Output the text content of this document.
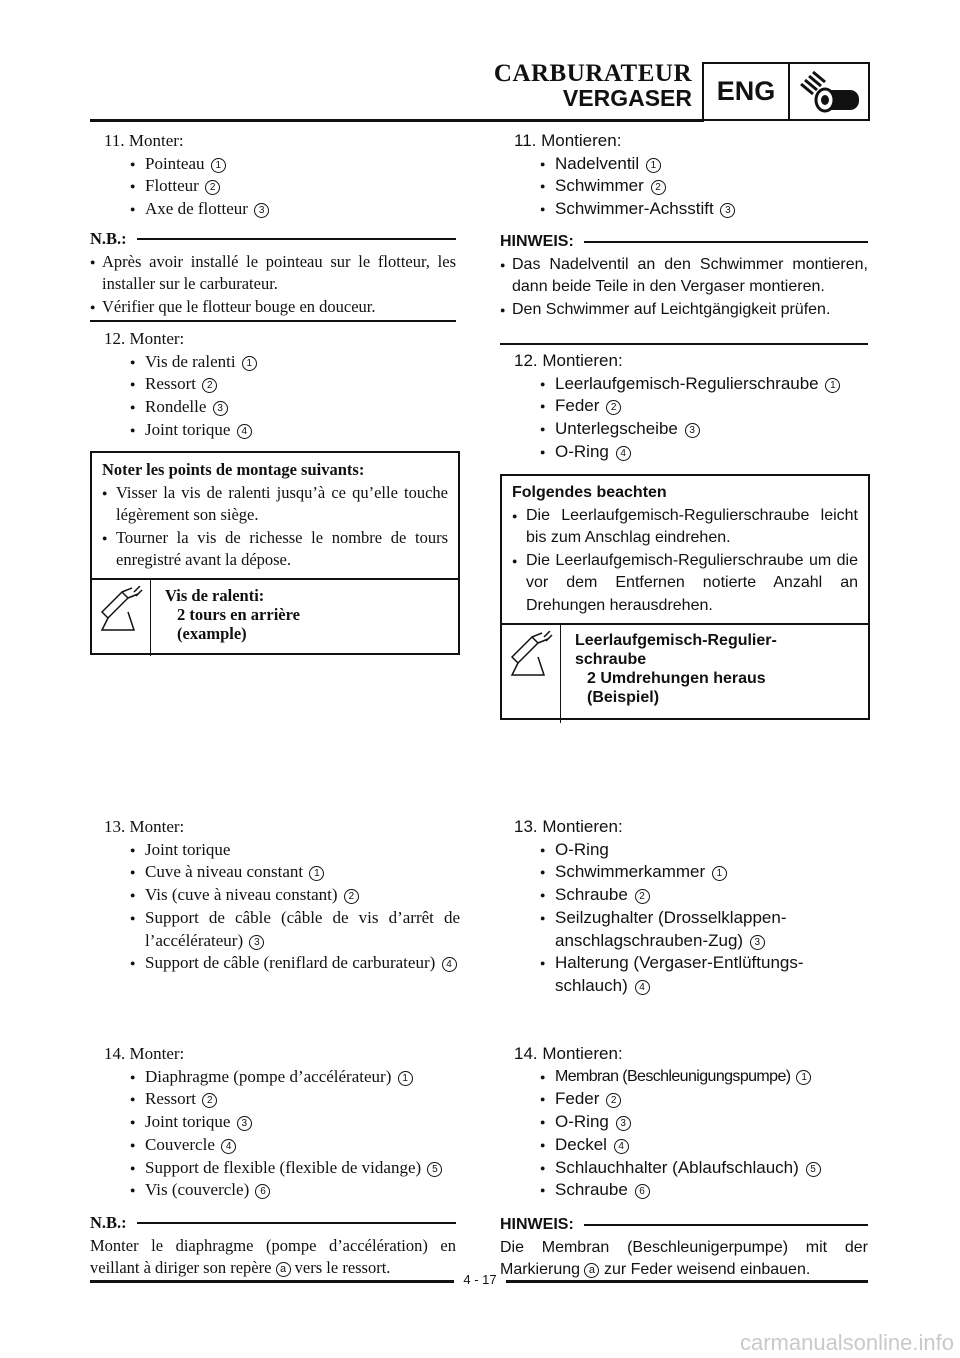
CARBURATEUR
VERGASER ENG
11. Monter:
● Pointeau 1
● Flotteur 2
● Axe de flotteur 3
N.B.:
● Après avoir installé le pointeau sur le flotteur, les installer sur le carburateur.
● Vérifier que le flotteur bouge en douceur.
12. Monter:
● Vis de ralenti 1
● Ressort 2
● Rondelle 3
● Joint torique 4
Noter les points de montage suivants:
● Visser la vis de ralenti jusqu’à ce qu’elle touche légèrement son siège.
● Tourner la vis de richesse le nombre de tours enregistré avant la dépose.
Vis de ralenti:
2 tours en arrière
(example)
13. Monter:
● Joint torique
● Cuve à niveau constant 1
● Vis (cuve à niveau constant) 2
● Support de câble (câble de vis d’arrêt de l’accélérateur) 3
● Support de câble (reniflard de carburateur) 4
14. Monter:
● Diaphragme (pompe d’accélérateur) 1
● Ressort 2
● Joint torique 3
● Couvercle 4
● Support de flexible (flexible de vidange) 5
● Vis (couvercle) 6
N.B.:
Monter le diaphragme (pompe d’accélération) en veillant à diriger son repère a vers le ressort.
11. Montieren:
● Nadelventil 1
● Schwimmer 2
● Schwimmer-Achsstift 3
HINWEIS:
● Das Nadelventil an den Schwimmer montieren, dann beide Teile in den Vergaser montieren.
● Den Schwimmer auf Leichtgängigkeit prüfen.
12. Montieren:
● Leerlaufgemisch-Regulierschraube 1
● Feder 2
● Unterlegscheibe 3
● O-Ring 4
Folgendes beachten
● Die Leerlaufgemisch-Regulierschraube leicht bis zum Anschlag eindrehen.
● Die Leerlaufgemisch-Regulierschraube um die vor dem Entfernen notierte Anzahl an Drehungen herausdrehen.
Leerlaufgemisch-Regulier-
schraube
2 Umdrehungen heraus
(Beispiel)
13. Montieren:
● O-Ring
● Schwimmerkammer 1
● Schraube 2
● Seilzughalter (Drosselklappen-anschlagschrauben-Zug) 3
● Halterung (Vergaser-Entlüftungs-schlauch) 4
14. Montieren:
● Membran (Beschleunigungspumpe) 1
● Feder 2
● O-Ring 3
● Deckel 4
● Schlauchhalter (Ablaufschlauch) 5
● Schraube 6
HINWEIS:
Die Membran (Beschleunigerpumpe) mit der Markierung a zur Feder weisend einbauen.
4 - 17
carmanualsonline.info
